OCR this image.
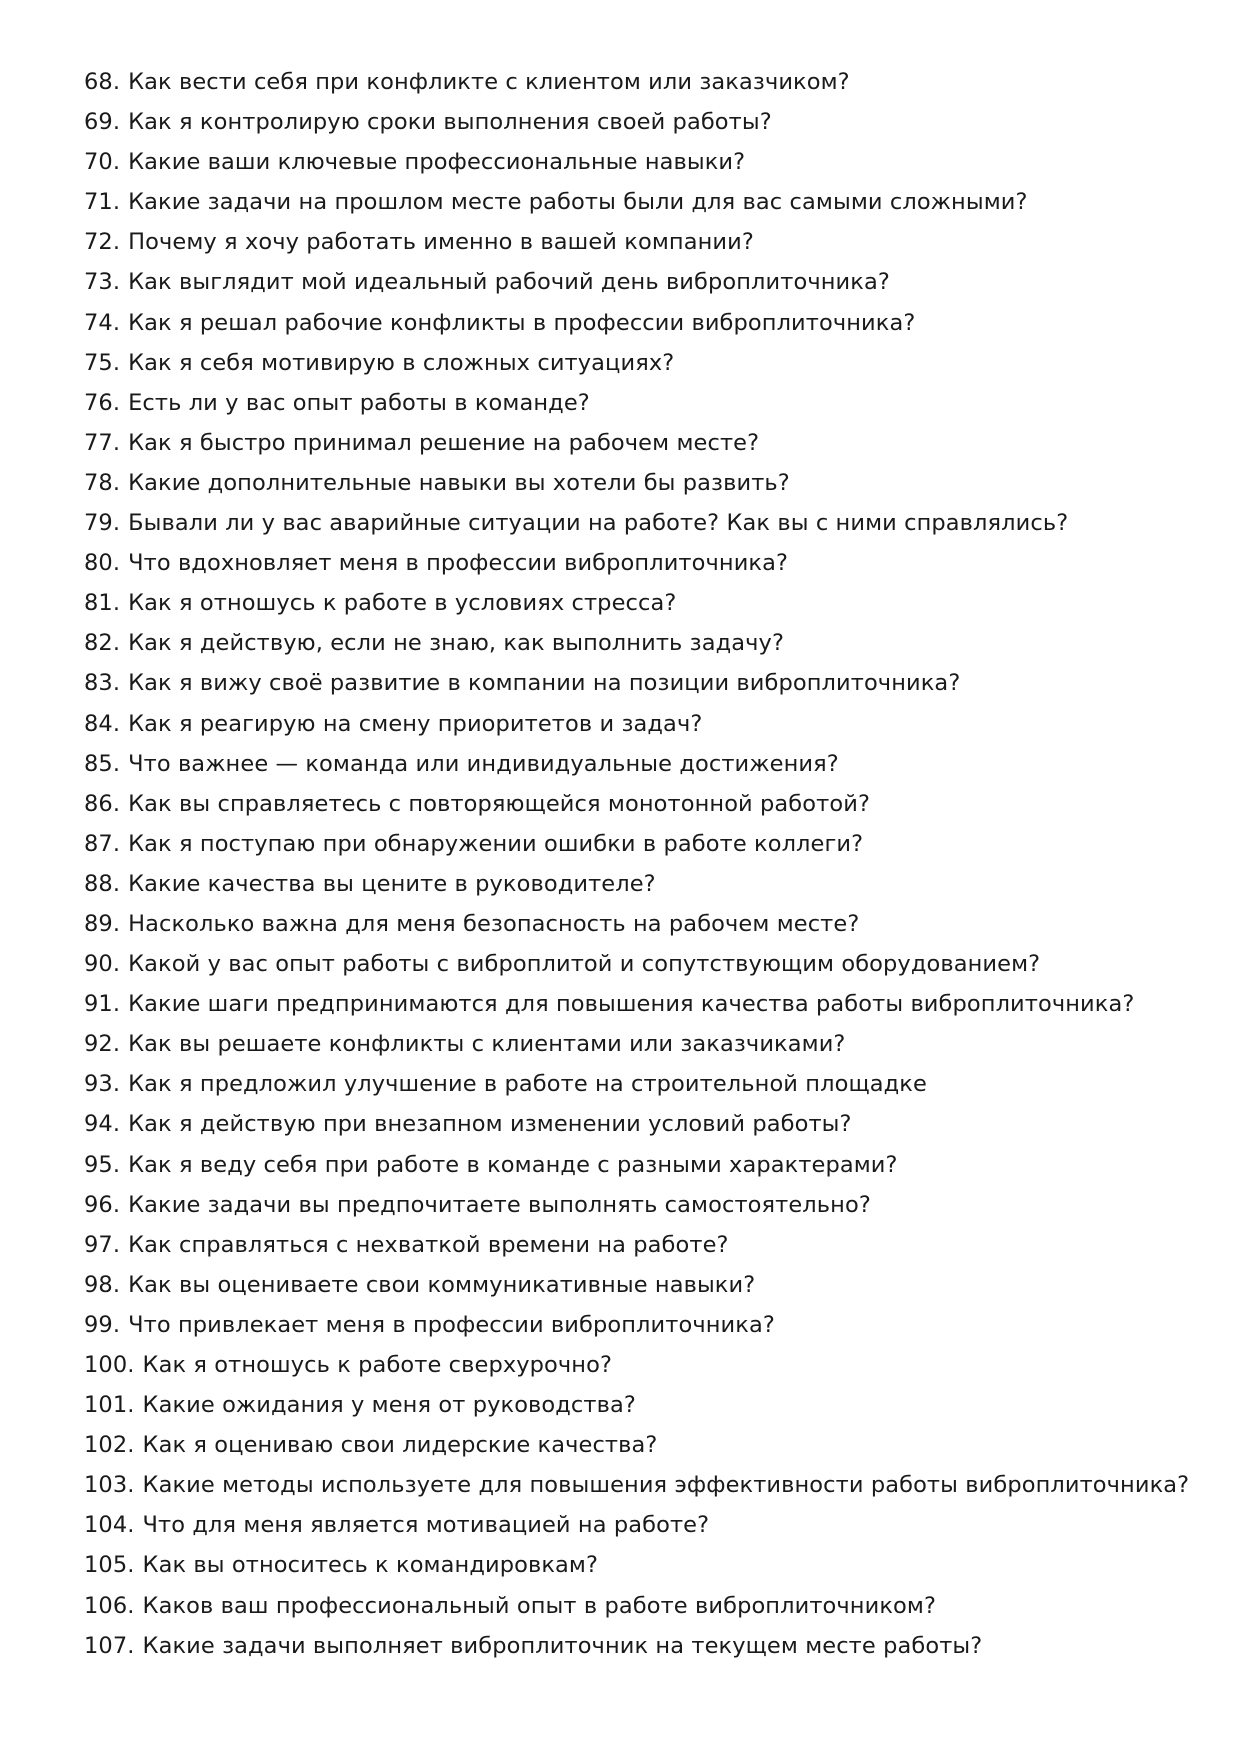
68. Как вести себя при конфликте с клиентом или заказчиком?
69. Как я контролирую сроки выполнения своей работы?
70. Какие ваши ключевые профессиональные навыки?
71. Какие задачи на прошлом месте работы были для вас самыми сложными?
72. Почему я хочу работать именно в вашей компании?
73. Как выглядит мой идеальный рабочий день виброплиточника?
74. Как я решал рабочие конфликты в профессии виброплиточника?
75. Как я себя мотивирую в сложных ситуациях?
76. Есть ли у вас опыт работы в команде?
77. Как я быстро принимал решение на рабочем месте?
78. Какие дополнительные навыки вы хотели бы развить?
79. Бывали ли у вас аварийные ситуации на работе? Как вы с ними справлялись?
80. Что вдохновляет меня в профессии виброплиточника?
81. Как я отношусь к работе в условиях стресса?
82. Как я действую, если не знаю, как выполнить задачу?
83. Как я вижу своё развитие в компании на позиции виброплиточника?
84. Как я реагирую на смену приоритетов и задач?
85. Что важнее — команда или индивидуальные достижения?
86. Как вы справляетесь с повторяющейся монотонной работой?
87. Как я поступаю при обнаружении ошибки в работе коллеги?
88. Какие качества вы цените в руководителе?
89. Насколько важна для меня безопасность на рабочем месте?
90. Какой у вас опыт работы с виброплитой и сопутствующим оборудованием?
91. Какие шаги предпринимаются для повышения качества работы виброплиточника?
92. Как вы решаете конфликты с клиентами или заказчиками?
93. Как я предложил улучшение в работе на строительной площадке
94. Как я действую при внезапном изменении условий работы?
95. Как я веду себя при работе в команде с разными характерами?
96. Какие задачи вы предпочитаете выполнять самостоятельно?
97. Как справляться с нехваткой времени на работе?
98. Как вы оцениваете свои коммуникативные навыки?
99. Что привлекает меня в профессии виброплиточника?
100. Как я отношусь к работе сверхурочно?
101. Какие ожидания у меня от руководства?
102. Как я оцениваю свои лидерские качества?
103. Какие методы используете для повышения эффективности работы виброплиточника?
104. Что для меня является мотивацией на работе?
105. Как вы относитесь к командировкам?
106. Каков ваш профессиональный опыт в работе виброплиточником?
107. Какие задачи выполняет виброплиточник на текущем месте работы?
